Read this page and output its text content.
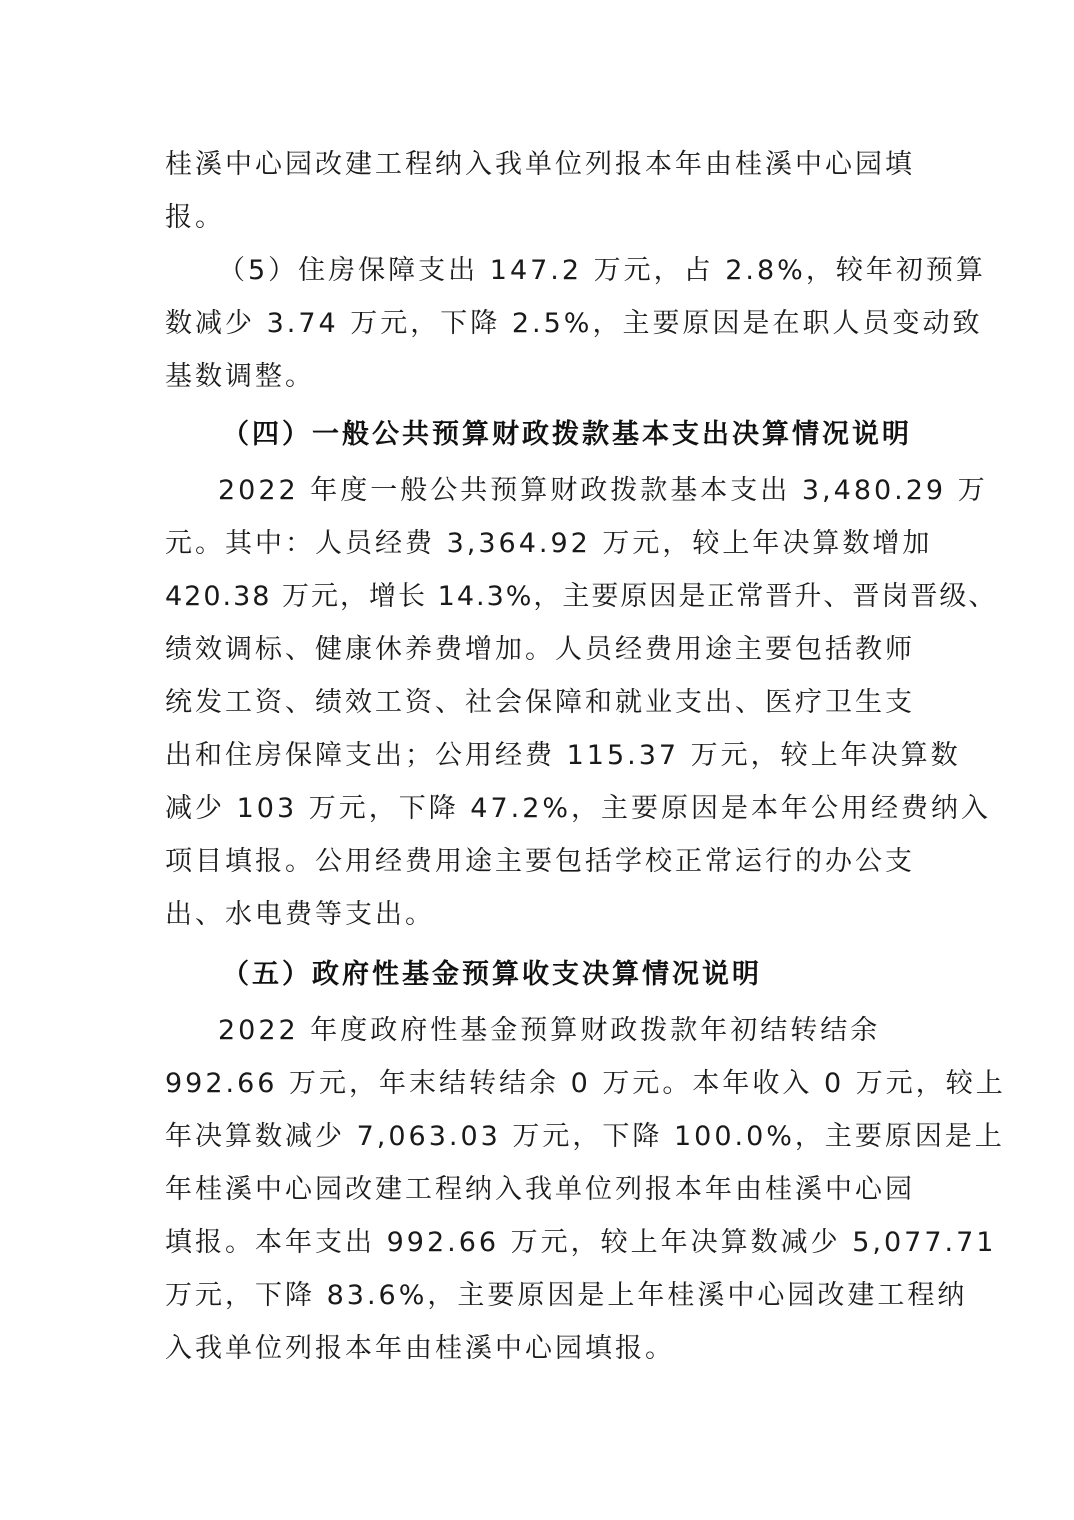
桂溪中心园改建工程纳入我单位列报本年由桂溪中心园填

报。

（5）住房保障支出 147.2 万元，占 2.8%，较年初预算

数减少 3.74 万元，下降 2.5%，主要原因是在职人员变动致

基数调整。

（四）一般公共预算财政拨款基本支出决算情况说明

2022 年度一般公共预算财政拨款基本支出 3,480.29 万

元。其中：人员经费 3,364.92 万元，较上年决算数增加

420.38 万元，增长 14.3%，主要原因是正常晋升、晋岗晋级、

绩效调标、健康休养费增加。人员经费用途主要包括教师

统发工资、绩效工资、社会保障和就业支出、医疗卫生支

出和住房保障支出；公用经费 115.37 万元，较上年决算数

减少 103 万元，下降 47.2%，主要原因是本年公用经费纳入

项目填报。公用经费用途主要包括学校正常运行的办公支

出、水电费等支出。

（五）政府性基金预算收支决算情况说明

2022 年度政府性基金预算财政拨款年初结转结余

992.66 万元，年末结转结余 0 万元。本年收入 0 万元，较上

年决算数减少 7,063.03 万元，下降 100.0%，主要原因是上

年桂溪中心园改建工程纳入我单位列报本年由桂溪中心园

填报。本年支出 992.66 万元，较上年决算数减少 5,077.71

万元，下降 83.6%，主要原因是上年桂溪中心园改建工程纳

入我单位列报本年由桂溪中心园填报。
